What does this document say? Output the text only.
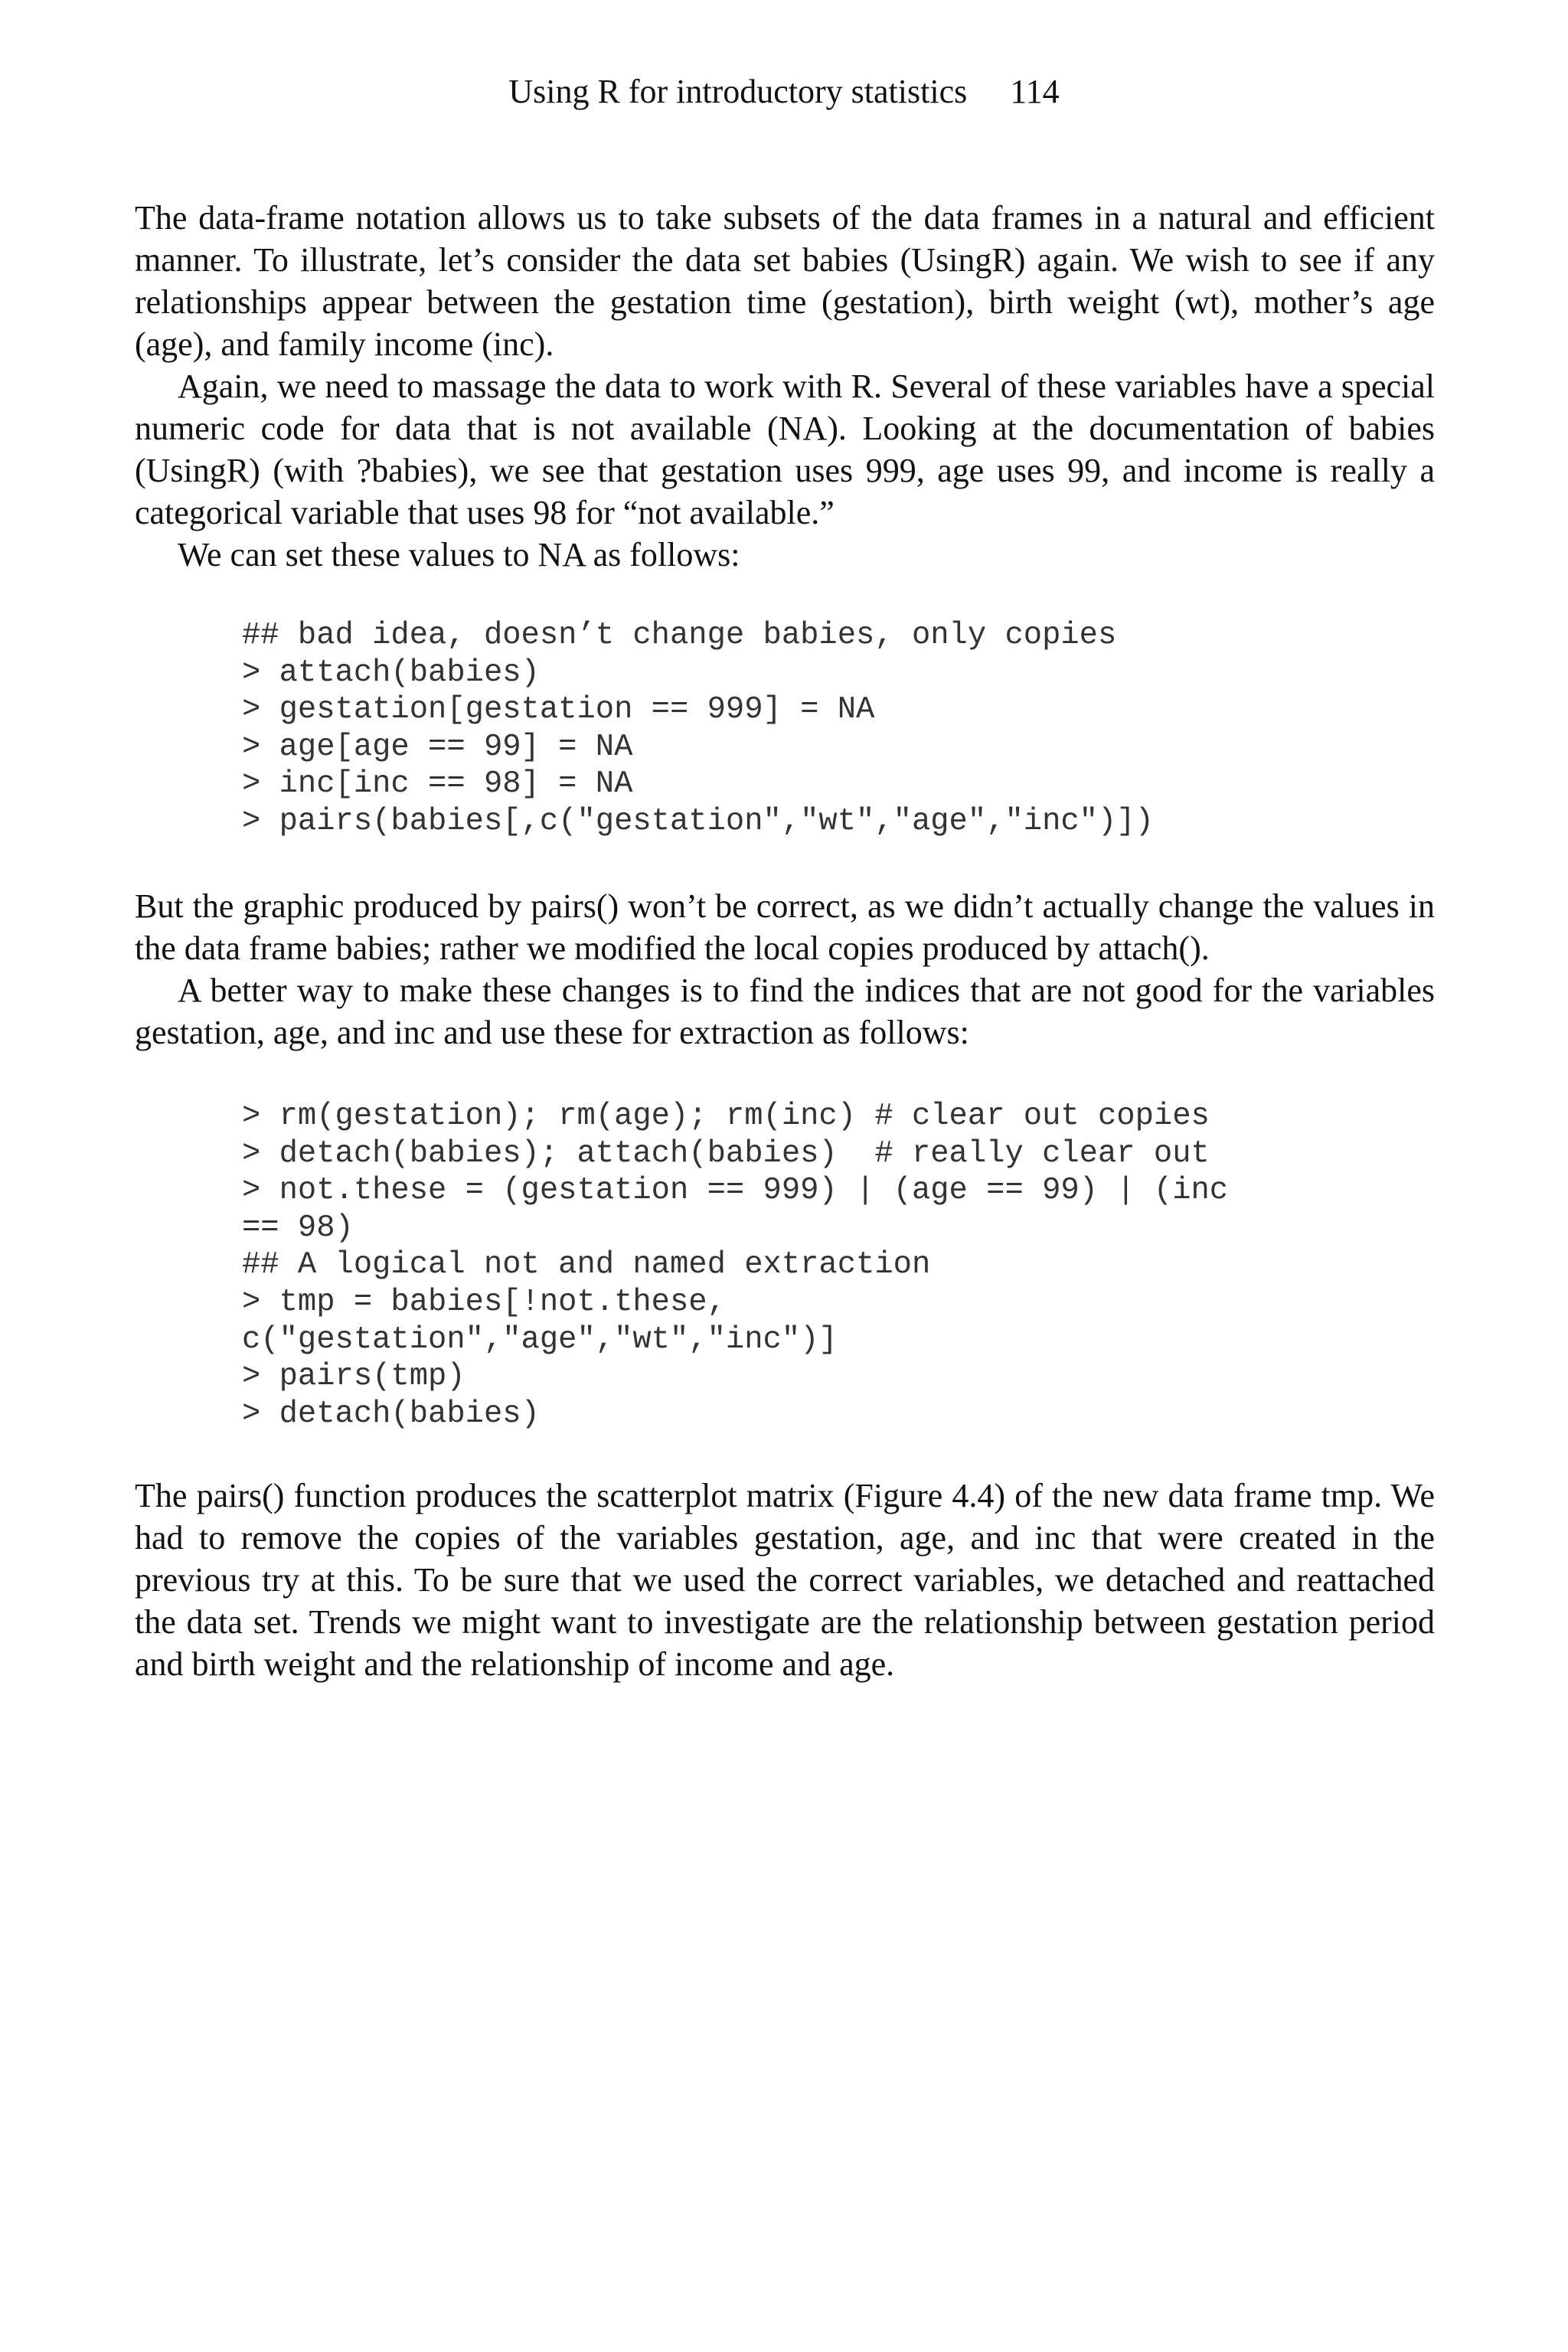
Using R for introductory statistics 114

The data-frame notation allows us to take subsets of the data frames in a natural and efficient manner. To illustrate, let’s consider the data set babies (UsingR) again. We wish to see if any relationships appear between the gestation time (gestation), birth weight (wt), mother’s age (age), and family income (inc).

Again, we need to massage the data to work with R. Several of these variables have a special numeric code for data that is not available (NA). Looking at the documentation of babies (UsingR) (with ?babies), we see that gestation uses 999, age uses 99, and income is really a categorical variable that uses 98 for “not available.”

We can set these values to NA as follows:

## bad idea, doesn’t change babies, only copies
> attach(babies)
> gestation[gestation == 999] = NA
> age[age == 99] = NA
> inc[inc == 98] = NA
> pairs(babies[,c("gestation","wt","age","inc")])

But the graphic produced by pairs() won’t be correct, as we didn’t actually change the values in the data frame babies; rather we modified the local copies produced by attach().

A better way to make these changes is to find the indices that are not good for the variables gestation, age, and inc and use these for extraction as follows:

> rm(gestation); rm(age); rm(inc) # clear out copies
> detach(babies); attach(babies)  # really clear out
> not.these = (gestation == 999) | (age == 99) | (inc
== 98)
## A logical not and named extraction
> tmp = babies[!not.these,
c("gestation","age","wt","inc")]
> pairs(tmp)
> detach(babies)

The pairs() function produces the scatterplot matrix (Figure 4.4) of the new data frame tmp. We had to remove the copies of the variables gestation, age, and inc that were created in the previous try at this. To be sure that we used the correct variables, we detached and reattached the data set. Trends we might want to investigate are the relationship between gestation period and birth weight and the relationship of income and age.
